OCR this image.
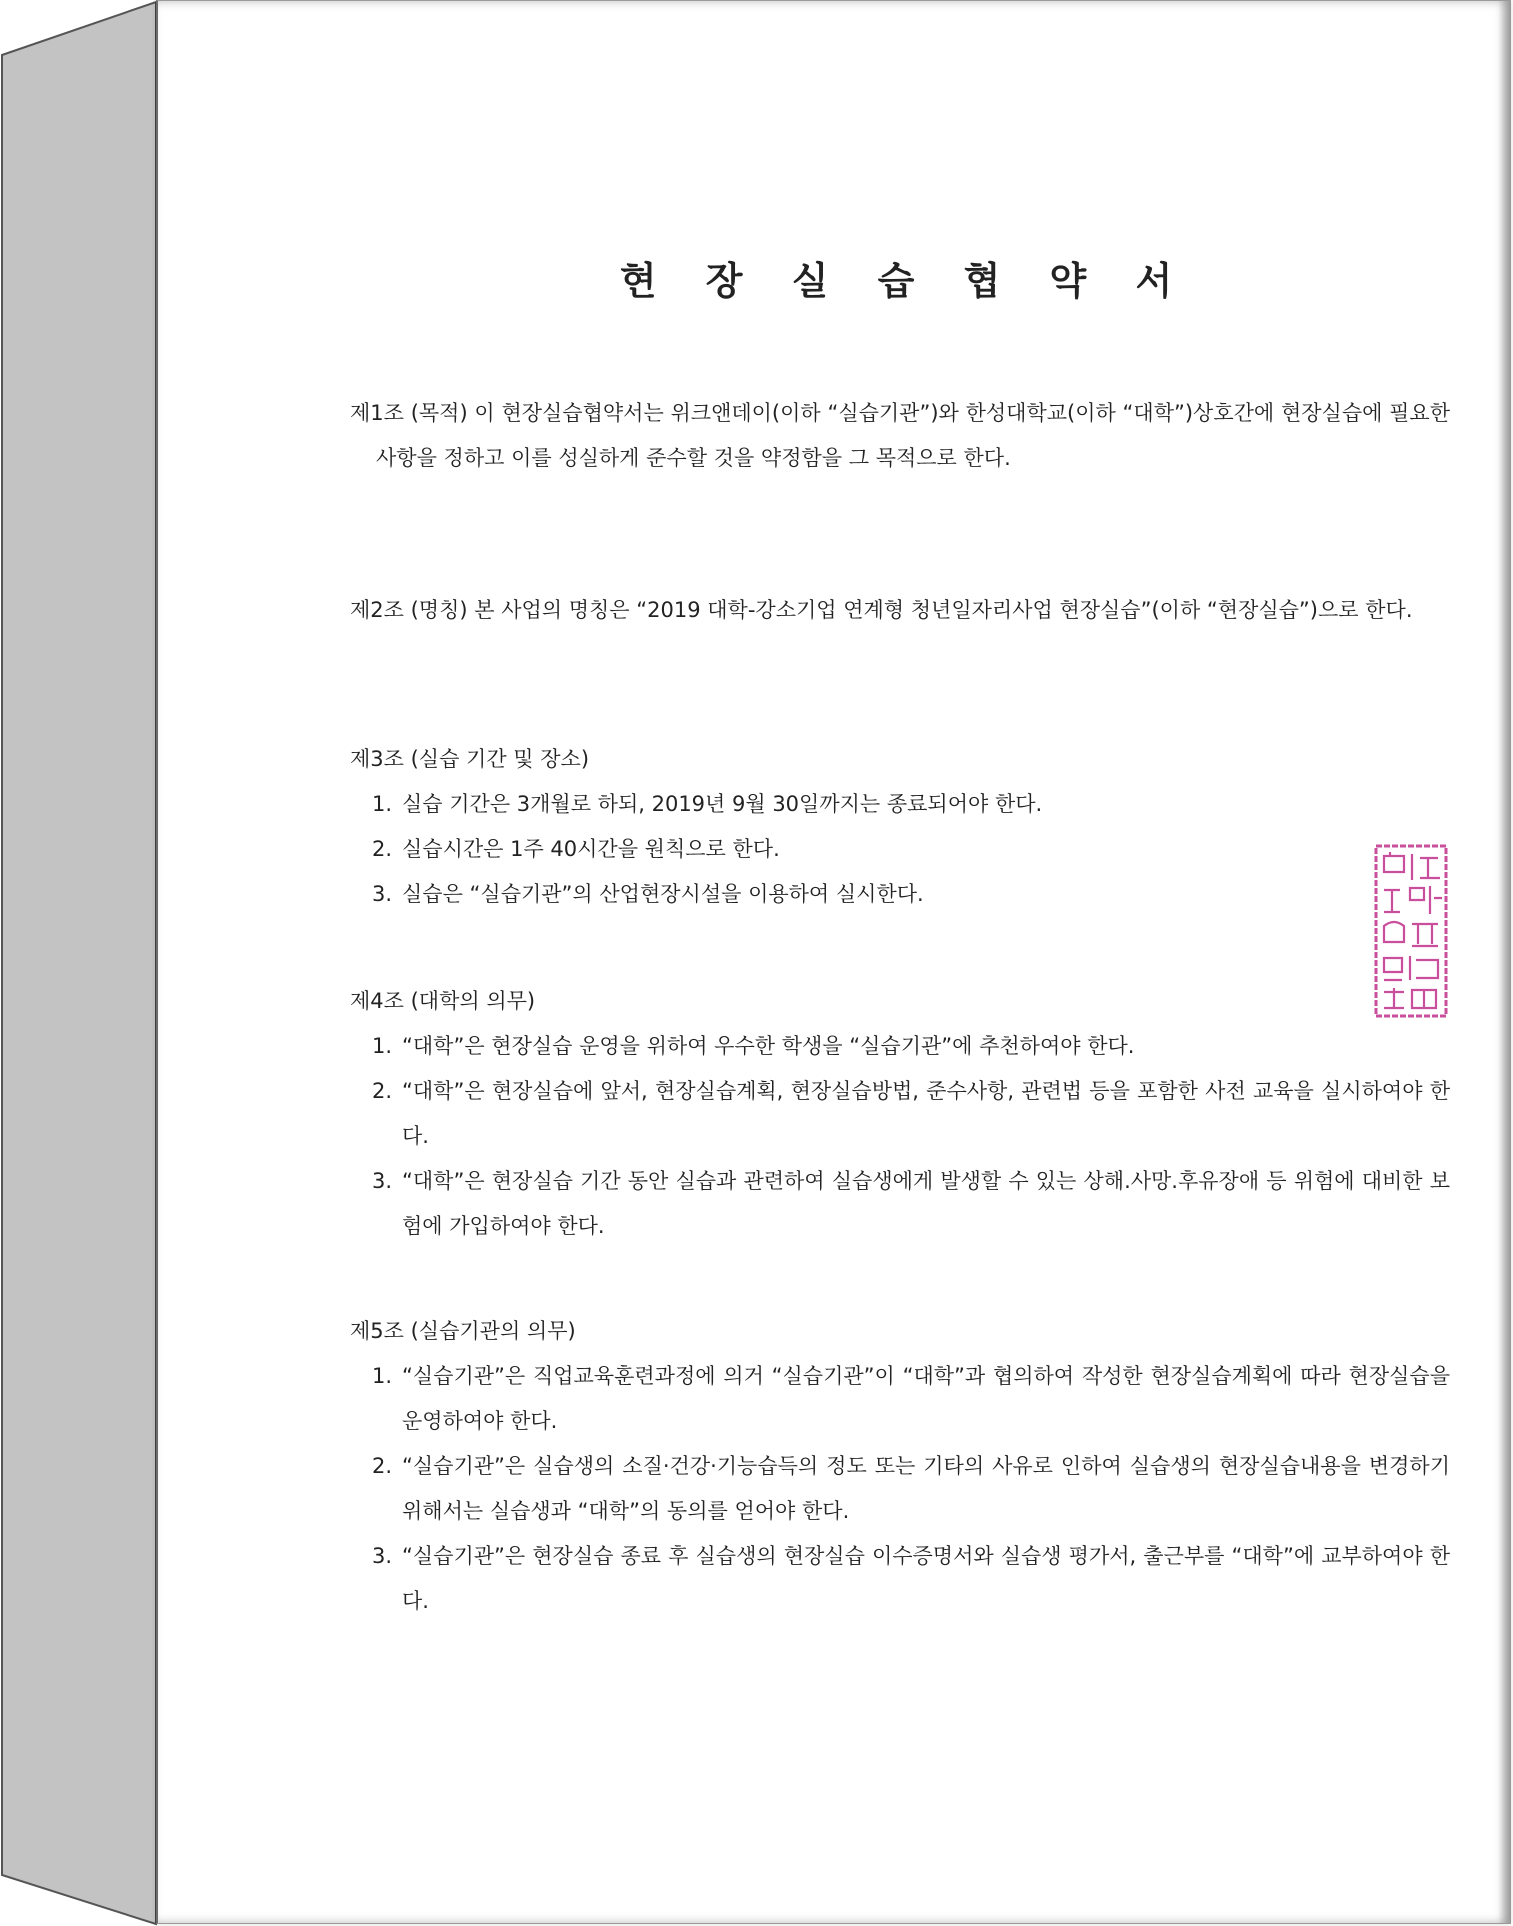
현 장 실 습 협 약 서

제1조 (목적) 이 현장실습협약서는 위크앤데이(이하 “실습기관”)와 한성대학교(이하 “대학”)상호간에 현장실습에 필요한 사항을 정하고 이를 성실하게 준수할 것을 약정함을 그 목적으로 한다.

제2조 (명칭) 본 사업의 명칭은 “2019 대학-강소기업 연계형 청년일자리사업 현장실습”(이하 “현장실습”)으로 한다.

제3조 (실습 기간 및 장소)

1. 실습 기간은 3개월로 하되, 2019년 9월 30일까지는 종료되어야 한다.
2. 실습시간은 1주 40시간을 원칙으로 한다.
3. 실습은 “실습기관”의 산업현장시설을 이용하여 실시한다.

제4조 (대학의 의무)

1. “대학”은 현장실습 운영을 위하여 우수한 학생을 “실습기관”에 추천하여야 한다.
2. “대학”은 현장실습에 앞서, 현장실습계획, 현장실습방법, 준수사항, 관련법 등을 포함한 사전 교육을 실시하여야 한다.
3. “대학”은 현장실습 기간 동안 실습과 관련하여 실습생에게 발생할 수 있는 상해.사망.후유장애 등 위험에 대비한 보험에 가입하여야 한다.

제5조 (실습기관의 의무)

1. “실습기관”은 직업교육훈련과정에 의거 “실습기관”이 “대학”과 협의하여 작성한 현장실습계획에 따라 현장실습을 운영하여야 한다.
2. “실습기관”은 실습생의 소질·건강·기능습득의 정도 또는 기타의 사유로 인하여 실습생의 현장실습내용을 변경하기 위해서는 실습생과 “대학”의 동의를 얻어야 한다.
3. “실습기관”은 현장실습 종료 후 실습생의 현장실습 이수증명서와 실습생 평가서, 출근부를 “대학”에 교부하여야 한다.
